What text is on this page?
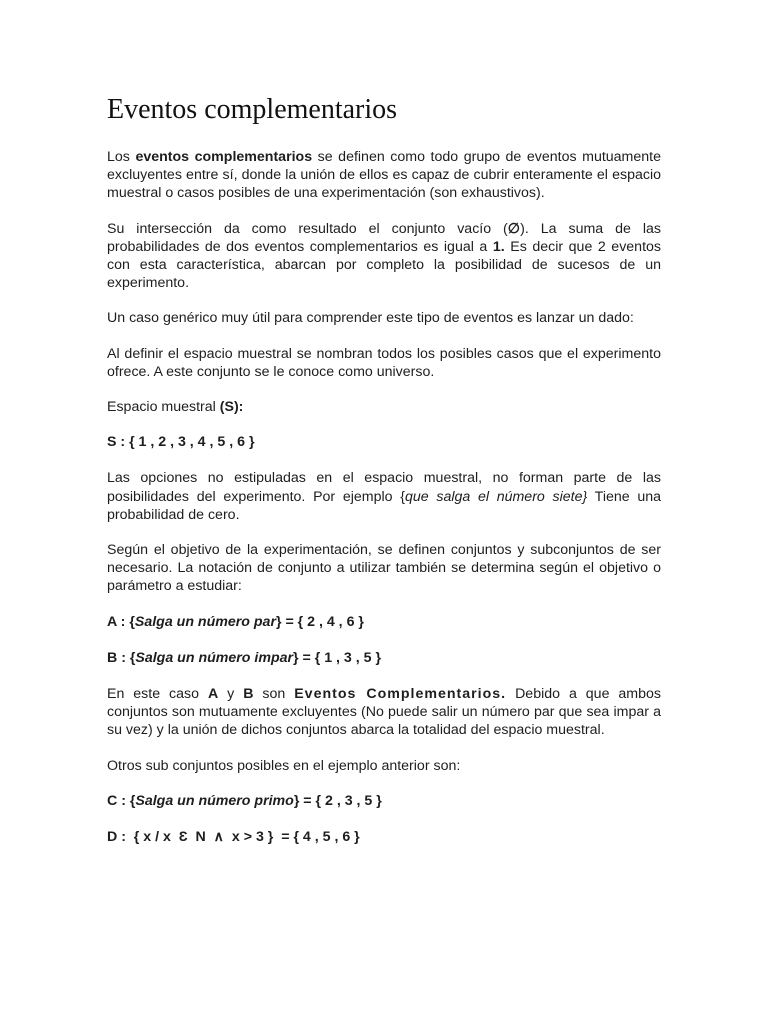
Eventos complementarios

Los eventos complementarios se definen como todo grupo de eventos mutuamente excluyentes entre sí, donde la unión de ellos es capaz de cubrir enteramente el espacio muestral o casos posibles de una experimentación (son exhaustivos).

Su intersección da como resultado el conjunto vacío (∅). La suma de las probabilidades de dos eventos complementarios es igual a 1. Es decir que 2 eventos con esta característica, abarcan por completo la posibilidad de sucesos de un experimento.

Un caso genérico muy útil para comprender este tipo de eventos es lanzar un dado:

Al definir el espacio muestral se nombran todos los posibles casos que el experimento ofrece. A este conjunto se le conoce como universo.

Espacio muestral (S):

S : { 1 , 2 , 3 , 4 , 5 , 6 }

Las opciones no estipuladas en el espacio muestral, no forman parte de las posibilidades del experimento. Por ejemplo {que salga el número siete} Tiene una probabilidad de cero.

Según el objetivo de la experimentación, se definen conjuntos y subconjuntos de ser necesario. La notación de conjunto a utilizar también se determina según el objetivo o parámetro a estudiar:

A : {Salga un número par} = { 2 , 4 , 6 }

B : {Salga un número impar} = { 1 , 3 , 5 }

En este caso A y B son Eventos Complementarios. Debido a que ambos conjuntos son mutuamente excluyentes (No puede salir un número par que sea impar a su vez) y la unión de dichos conjuntos abarca la totalidad del espacio muestral.

Otros sub conjuntos posibles en el ejemplo anterior son:

C : {Salga un número primo} = { 2 , 3 , 5 }

D :  { x / x  Ɛ  N  ∧  x > 3 }  = { 4 , 5 , 6 }
